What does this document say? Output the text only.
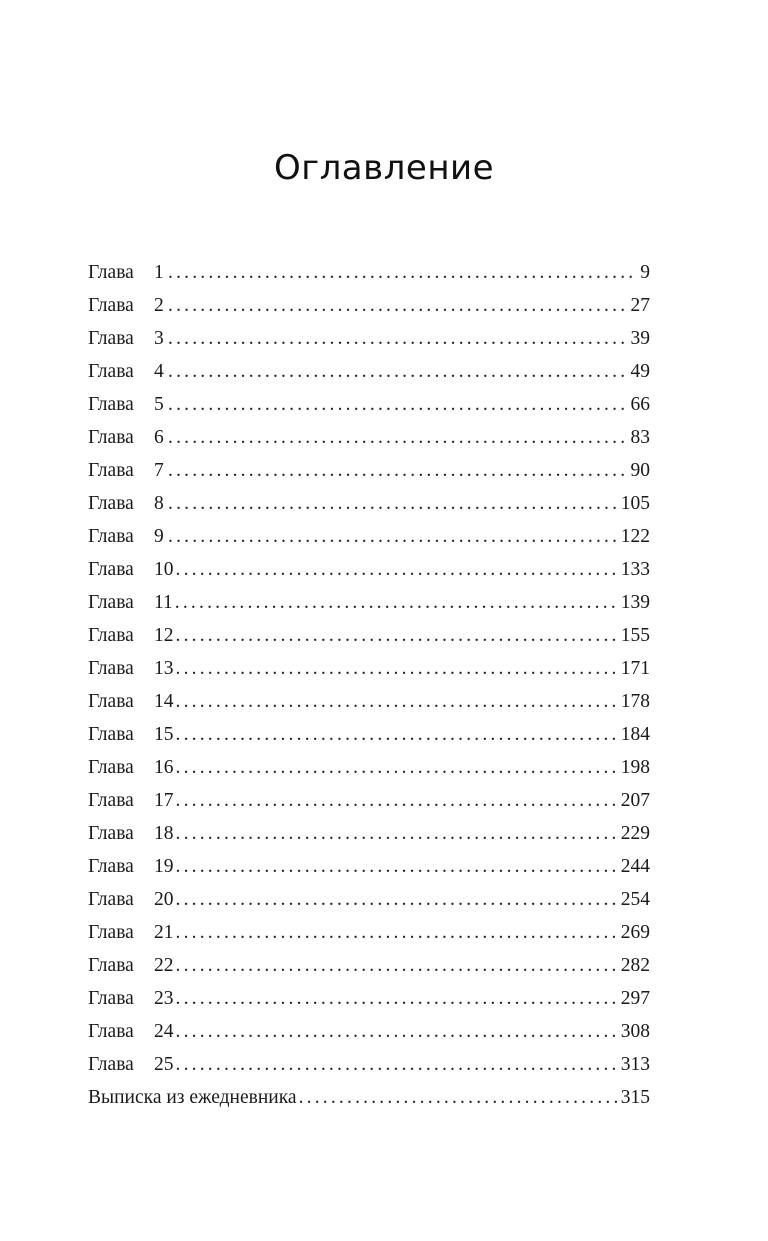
Оглавление
Глава 1 .....	9
Глава 2 .....	27
Глава 3 .....	39
Глава 4 .....	49
Глава 5 .....	66
Глава 6 .....	83
Глава 7 .....	90
Глава 8 .....	105
Глава 9 .....	122
Глава 10 .....	133
Глава 11 .....	139
Глава 12 .....	155
Глава 13 .....	171
Глава 14 .....	178
Глава 15 .....	184
Глава 16 .....	198
Глава 17 .....	207
Глава 18 .....	229
Глава 19 .....	244
Глава 20 .....	254
Глава 21 .....	269
Глава 22 .....	282
Глава 23 .....	297
Глава 24 .....	308
Глава 25 .....	313
Выписка из ежедневника .....	315
